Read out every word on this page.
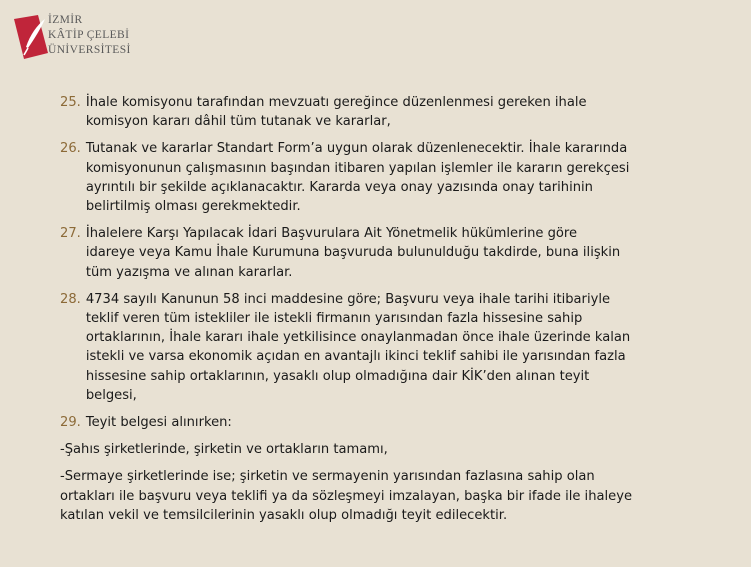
İZMİR
KÂTİP ÇELEBİ
ÜNİVERSİTESİ
25. İhale komisyonu tarafından mevzuatı gereğince düzenlenmesi gereken ihale
komisyon kararı dâhil tüm tutanak ve kararlar,
26. Tutanak ve kararlar Standart Form’a uygun olarak düzenlenecektir. İhale kararında
komisyonunun çalışmasının başından itibaren yapılan işlemler ile kararın gerekçesi
ayrıntılı bir şekilde açıklanacaktır. Kararda veya onay yazısında onay tarihinin
belirtilmiş olması gerekmektedir.
27. İhalelere Karşı Yapılacak İdari Başvurulara Ait Yönetmelik hükümlerine göre
idareye veya Kamu İhale Kurumuna başvuruda bulunulduğu takdirde, buna ilişkin
tüm yazışma ve alınan kararlar.
28. 4734 sayılı Kanunun 58 inci maddesine göre; Başvuru veya ihale tarihi itibariyle
teklif veren tüm istekliler ile istekli firmanın yarısından fazla hissesine sahip
ortaklarının, İhale kararı ihale yetkilisince onaylanmadan önce ihale üzerinde kalan
istekli ve varsa ekonomik açıdan en avantajlı ikinci teklif sahibi ile yarısından fazla
hissesine sahip ortaklarının, yasaklı olup olmadığına dair KİK’den alınan teyit
belgesi,
29. Teyit belgesi alınırken:
-Şahıs şirketlerinde, şirketin ve ortakların tamamı,
-Sermaye şirketlerinde ise; şirketin ve sermayenin yarısından fazlasına sahip olan
ortakları ile başvuru veya teklifi ya da sözleşmeyi imzalayan, başka bir ifade ile ihaleye
katılan vekil ve temsilcilerinin yasaklı olup olmadığı teyit edilecektir.
